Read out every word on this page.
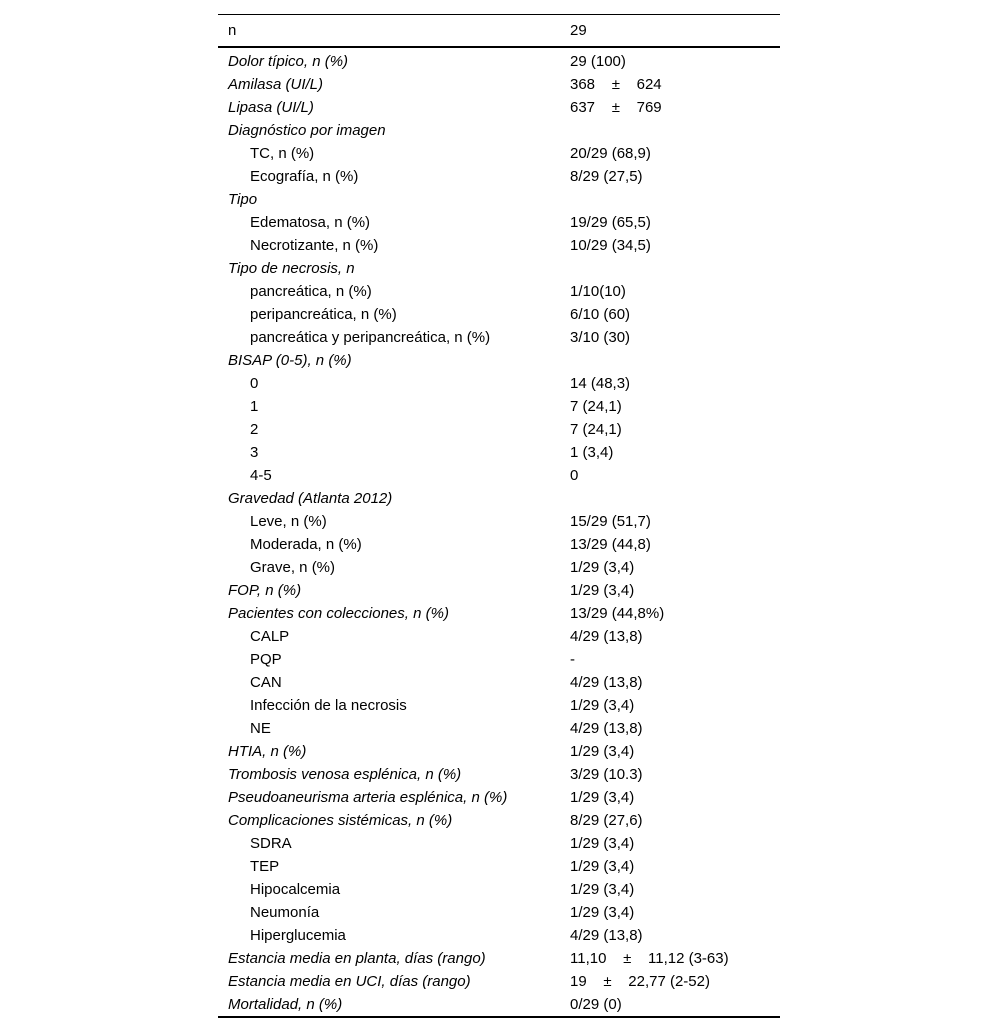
n	29
Dolor típico, n (%)	29 (100)
Amilasa (UI/L)	368    ±    624
Lipasa (UI/L)	637    ±    769
Diagnóstico por imagen
TC, n (%)	20/29 (68,9)
Ecografía, n (%)	8/29 (27,5)
Tipo
Edematosa, n (%)	19/29 (65,5)
Necrotizante, n (%)	10/29 (34,5)
Tipo de necrosis, n
pancreática, n (%)	1/10(10)
peripancreática, n (%)	6/10 (60)
pancreática y peripancreática, n (%)	3/10 (30)
BISAP (0-5), n (%)
0	14 (48,3)
1	7 (24,1)
2	7 (24,1)
3	1 (3,4)
4-5	0
Gravedad (Atlanta 2012)
Leve, n (%)	15/29 (51,7)
Moderada, n (%)	13/29 (44,8)
Grave, n (%)	1/29 (3,4)
FOP, n (%)	1/29 (3,4)
Pacientes con colecciones, n (%)	13/29 (44,8%)
CALP	4/29 (13,8)
PQP	-
CAN	4/29 (13,8)
Infección de la necrosis	1/29 (3,4)
NE	4/29 (13,8)
HTIA, n (%)	1/29 (3,4)
Trombosis venosa esplénica, n (%)	3/29 (10.3)
Pseudoaneurisma arteria esplénica, n (%)	1/29 (3,4)
Complicaciones sistémicas, n (%)	8/29 (27,6)
SDRA	1/29 (3,4)
TEP	1/29 (3,4)
Hipocalcemia	1/29 (3,4)
Neumonía	1/29 (3,4)
Hiperglucemia	4/29 (13,8)
Estancia media en planta, días (rango)	11,10    ±    11,12 (3-63)
Estancia media en UCI, días (rango)	19    ±    22,77 (2-52)
Mortalidad, n (%)	0/29 (0)
